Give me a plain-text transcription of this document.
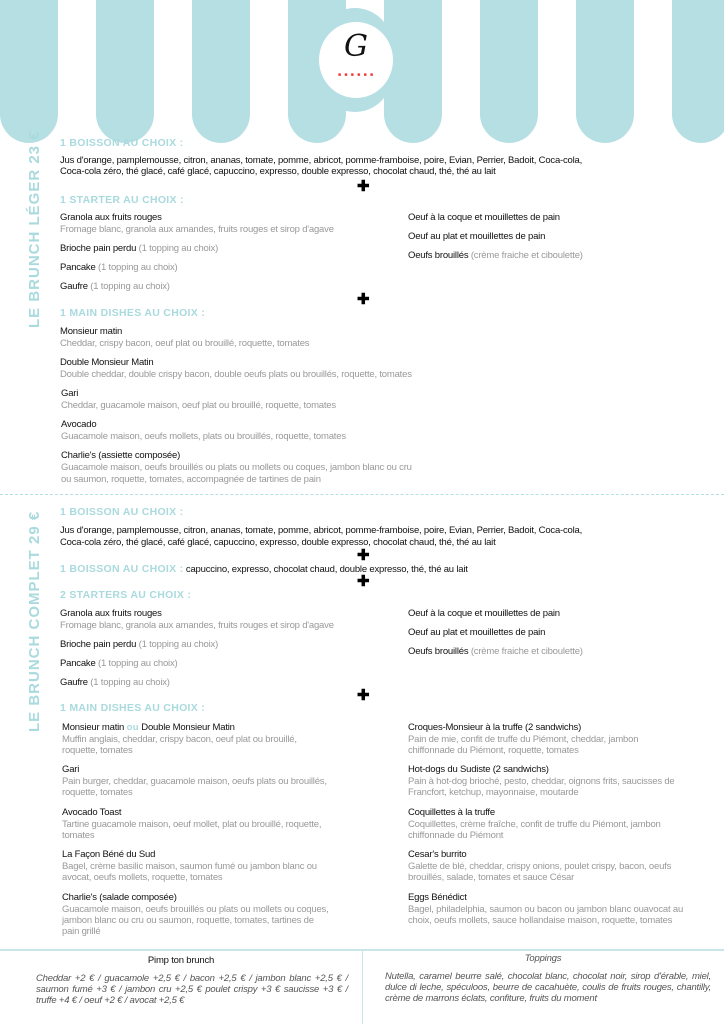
G
■ ■ ■ ■ ■ ■
LE BRUNCH LÉGER 23 € 1 BOISSON AU CHOIX :
Jus d'orange, pamplemousse, citron, ananas, tomate, pomme, abricot, pomme-framboise, poire, Evian, Perrier, Badoit, Coca-cola,
Coca-cola zéro, thé glacé, café glacé, capuccino, expresso, double expresso, chocolat chaud, thé, thé au lait
✚
1 STARTER AU CHOIX :
Granola aux fruits rouges
Fromage blanc, granola aux amandes, fruits rouges et sirop d'agave
Brioche pain perdu (1 topping au choix)
Pancake (1 topping au choix)
Gaufre (1 topping au choix)
Oeuf à la coque et mouillettes de pain
Oeuf au plat et mouillettes de pain
Oeufs brouillés (crème fraiche et ciboulette)
✚
1 MAIN DISHES AU CHOIX :
Monsieur matin
Cheddar, crispy bacon, oeuf plat ou brouillé, roquette, tomates
Double Monsieur Matin
Double cheddar, double crispy bacon, double oeufs plats ou brouillés, roquette, tomates
Gari
Cheddar, guacamole maison, oeuf plat ou brouillé, roquette, tomates
Avocado
Guacamole maison, oeufs mollets, plats ou brouillés, roquette, tomates
Charlie's (assiette composée)
Guacamole maison, oeufs brouillés ou plats ou mollets ou coques, jambon blanc ou cru
ou saumon, roquette, tomates, accompagnée de tartines de pain
LE BRUNCH COMPLET 29 € 1 BOISSON AU CHOIX :
Jus d'orange, pamplemousse, citron, ananas, tomate, pomme, abricot, pomme-framboise, poire, Evian, Perrier, Badoit, Coca-cola,
Coca-cola zéro, thé glacé, café glacé, capuccino, expresso, double expresso, chocolat chaud, thé, thé au lait
✚
1 BOISSON AU CHOIX : capuccino, expresso, chocolat chaud, double expresso, thé, thé au lait
✚
2 STARTERS AU CHOIX :
Granola aux fruits rouges
Fromage blanc, granola aux amandes, fruits rouges et sirop d'agave
Brioche pain perdu (1 topping au choix)
Pancake (1 topping au choix)
Gaufre (1 topping au choix)
Oeuf à la coque et mouillettes de pain
Oeuf au plat et mouillettes de pain
Oeufs brouillés (crème fraiche et ciboulette)
✚
1 MAIN DISHES AU CHOIX :
Monsieur matin ou Double Monsieur Matin
Muffin anglais, cheddar, crispy bacon, oeuf plat ou brouillé,
roquette, tomates
Gari
Pain burger, cheddar, guacamole maison, oeufs plats ou brouillés,
roquette, tomates
Avocado Toast
Tartine guacamole maison, oeuf mollet, plat ou brouillé, roquette,
tomates
La Façon Béné du Sud
Bagel, crème basilic maison, saumon fumé ou jambon blanc ou
avocat, oeufs mollets, roquette, tomates
Charlie's (salade composée)
Guacamole maison, oeufs brouillés ou plats ou mollets ou coques,
jambon blanc ou cru ou saumon, roquette, tomates, tartines de
pain grillé
Croques-Monsieur à la truffe (2 sandwichs)
Pain de mie, confit de truffe du Piémont, cheddar, jambon
chiffonnade du Piémont, roquette, tomates
Hot-dogs du Sudiste (2 sandwichs)
Pain à hot-dog brioché, pesto, cheddar, oignons frits, saucisses de
Francfort, ketchup, mayonnaise, moutarde
Coquillettes à la truffe
Coquillettes, crème fraîche, confit de truffe du Piémont, jambon
chiffonnade du Piémont
Cesar's burrito
Galette de blé, cheddar, crispy onions, poulet crispy, bacon, oeufs
brouillés, salade, tomates et sauce César
Eggs Bénédict
Bagel, philadelphia, saumon ou bacon ou jambon blanc ouavocat au
choix, oeufs mollets, sauce hollandaise maison, roquette, tomates
Pimp ton brunch
Cheddar +2 € / guacamole +2,5 € / bacon +2,5 € / jambon blanc +2,5 € / saumon fumé +3 € / jambon cru +2,5 € poulet crispy +3 € saucisse +3 € / truffe +4 € / oeuf +2 € / avocat +2,5 €
Toppings
Nutella, caramel beurre salé, chocolat blanc, chocolat noir, sirop d'érable, miel, dulce di leche, spéculoos, beurre de cacahuète, coulis de fruits rouges, chantilly, crème de marrons éclats, confiture, fruits du moment
